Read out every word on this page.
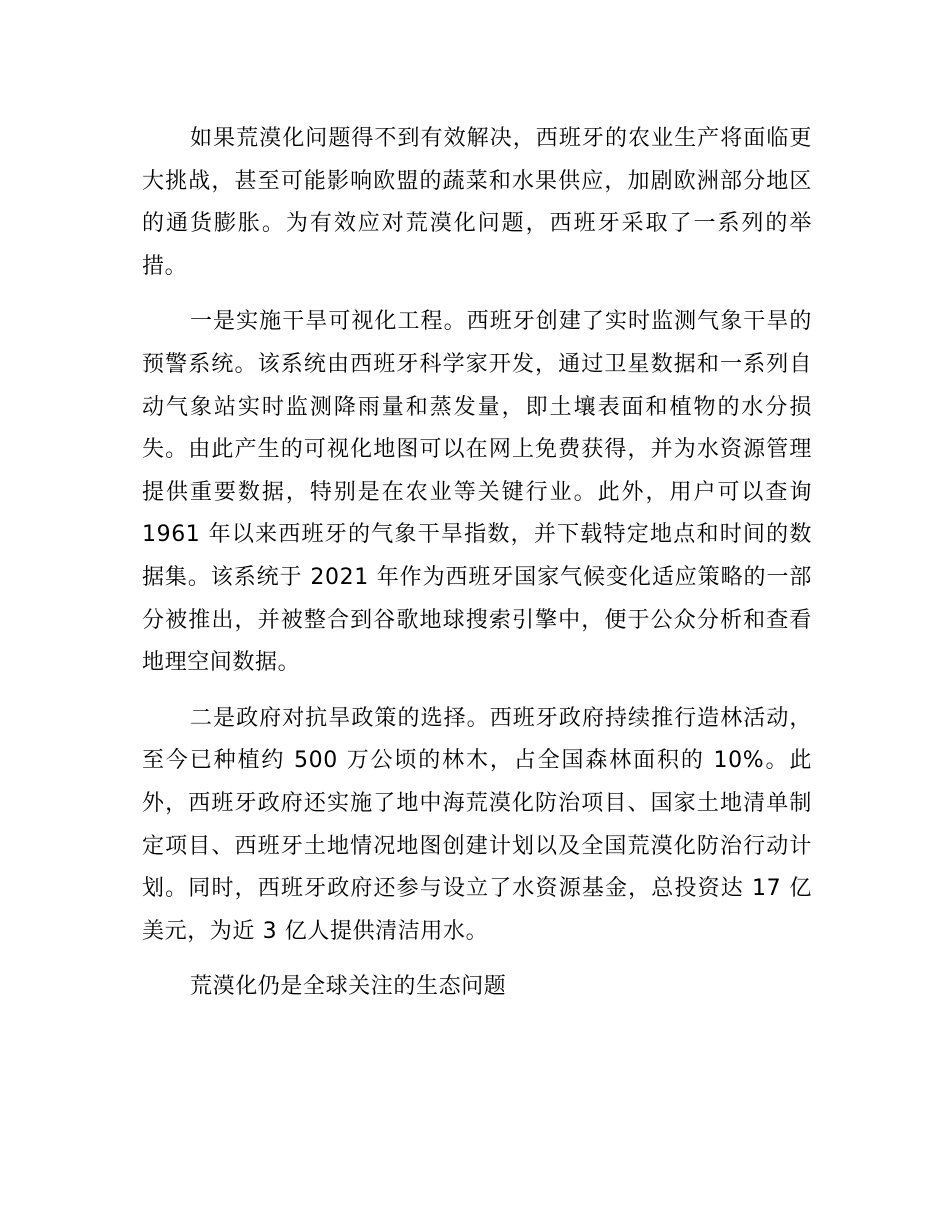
如果荒漠化问题得不到有效解决，西班牙的农业生产将面临更大挑战，甚至可能影响欧盟的蔬菜和水果供应，加剧欧洲部分地区的通货膨胀。为有效应对荒漠化问题，西班牙采取了一系列的举措。

一是实施干旱可视化工程。西班牙创建了实时监测气象干旱的预警系统。该系统由西班牙科学家开发，通过卫星数据和一系列自动气象站实时监测降雨量和蒸发量，即土壤表面和植物的水分损失。由此产生的可视化地图可以在网上免费获得，并为水资源管理提供重要数据，特别是在农业等关键行业。此外，用户可以查询 1961 年以来西班牙的气象干旱指数，并下载特定地点和时间的数据集。该系统于 2021 年作为西班牙国家气候变化适应策略的一部分被推出，并被整合到谷歌地球搜索引擎中，便于公众分析和查看地理空间数据。

二是政府对抗旱政策的选择。西班牙政府持续推行造林活动，至今已种植约 500 万公顷的林木，占全国森林面积的 10%。此外，西班牙政府还实施了地中海荒漠化防治项目、国家土地清单制定项目、西班牙土地情况地图创建计划以及全国荒漠化防治行动计划。同时，西班牙政府还参与设立了水资源基金，总投资达 17 亿美元，为近 3 亿人提供清洁用水。

荒漠化仍是全球关注的生态问题
